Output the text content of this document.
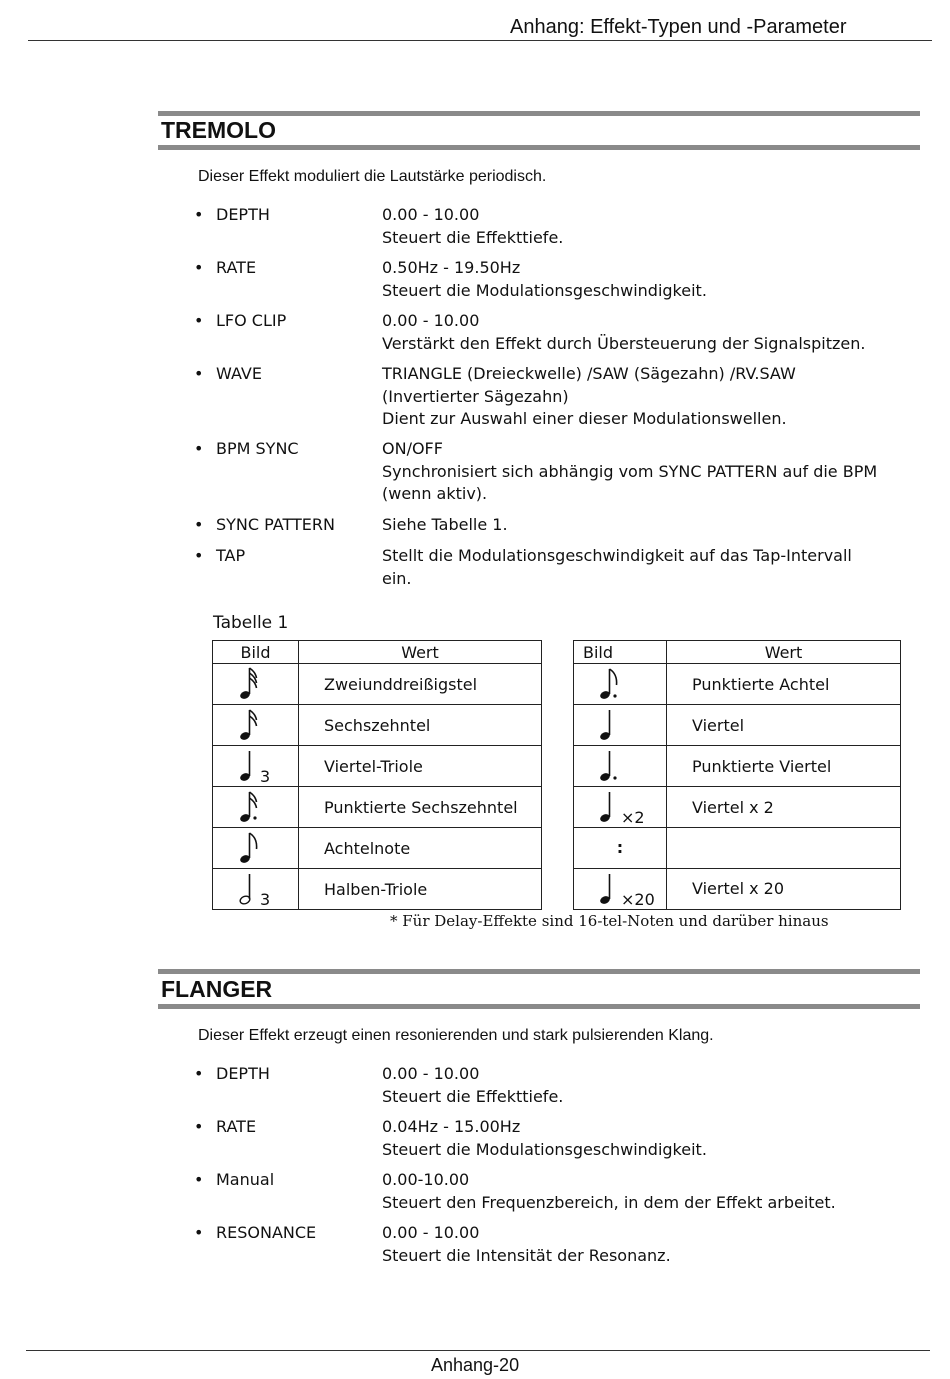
Anhang: Effekt-Typen und -Parameter
TREMOLO
Dieser Effekt moduliert die Lautstärke periodisch.
• DEPTH	0.00 - 10.00
Steuert die Effekttiefe.
• RATE	0.50Hz - 19.50Hz
Steuert die Modulationsgeschwindigkeit.
• LFO CLIP	0.00 - 10.00
Verstärkt den Effekt durch Übersteuerung der Signalspitzen.
• WAVE	TRIANGLE (Dreieckwelle) /SAW (Sägezahn) /RV.SAW
(Invertierter Sägezahn)
Dient zur Auswahl einer dieser Modulationswellen.
• BPM SYNC	ON/OFF
Synchronisiert sich abhängig vom SYNC PATTERN auf die BPM
(wenn aktiv).
• SYNC PATTERN	Siehe Tabelle 1.
• TAP	Stellt die Modulationsgeschwindigkeit auf das Tap-Intervall
ein.
Tabelle 1
Bild	Wert

	Zweiunddreißigstel

	Sechszehntel

3	Viertel-Triole

	Punktierte Sechszehntel

	Achtelnote

3	Halben-Triole
Bild	Wert

	Punktierte Achtel

	Viertel

	Punktierte Viertel

×2	Viertel x 2
:	

×20	Viertel x 20
* Für Delay-Effekte sind 16-tel-Noten und darüber hinaus
FLANGER
Dieser Effekt erzeugt einen resonierenden und stark pulsierenden Klang.
• DEPTH	0.00 - 10.00
Steuert die Effekttiefe.
• RATE	0.04Hz - 15.00Hz
Steuert die Modulationsgeschwindigkeit.
• Manual	0.00-10.00
Steuert den Frequenzbereich, in dem der Effekt arbeitet.
• RESONANCE	0.00 - 10.00
Steuert die Intensität der Resonanz.
Anhang-20
